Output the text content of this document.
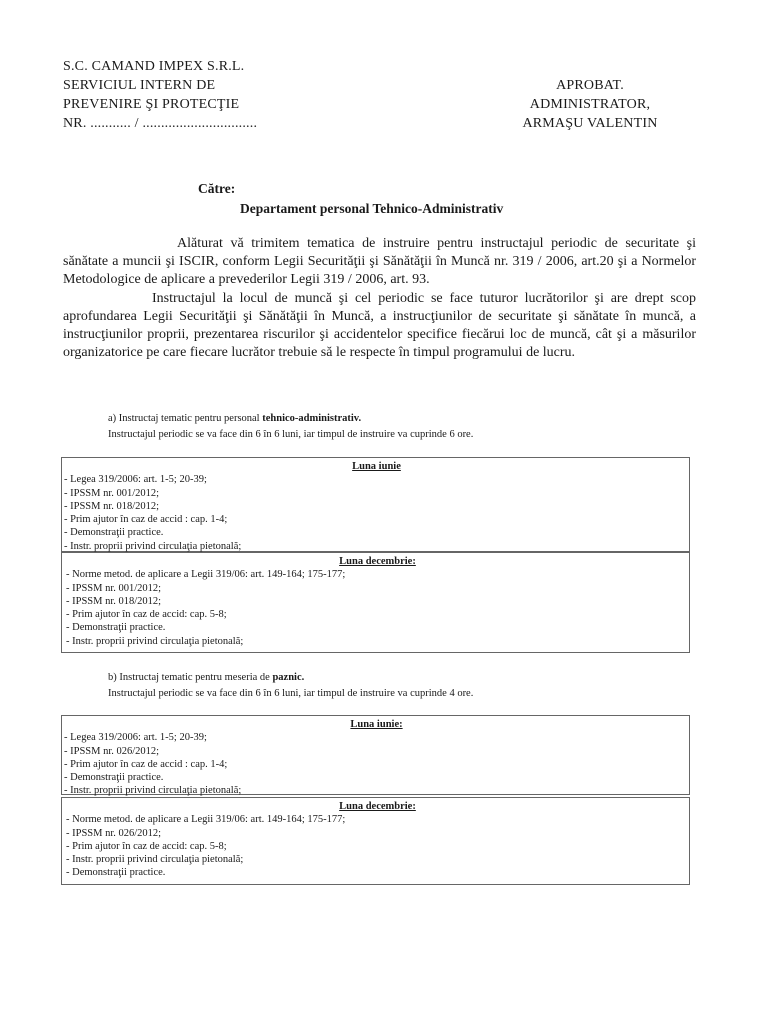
S.C. CAMAND IMPEX S.R.L.
SERVICIUL INTERN DE
PREVENIRE ŞI PROTECŢIE
NR. ........... / ...............................
APROBAT.
ADMINISTRATOR,
ARMAŞU VALENTIN
Către:
Departament personal Tehnico-Administrativ
Alăturat vă trimitem tematica de instruire pentru instructajul periodic de securitate şi sănătate a muncii şi ISCIR, conform Legii Securităţii şi Sănătăţii în Muncă nr. 319 / 2006, art.20 şi a Normelor Metodologice de aplicare a prevederilor Legii 319 / 2006, art. 93.
Instructajul la locul de muncă şi cel periodic se face tuturor lucrătorilor şi are drept scop aprofundarea Legii Securităţii şi Sănătăţii în Muncă, a instrucţiunilor de securitate şi sănătate în muncă, a instrucţiunilor proprii, prezentarea riscurilor şi accidentelor specifice fiecărui loc de muncă, cât şi a măsurilor organizatorice pe care fiecare lucrător trebuie să le respecte în timpul programului de lucru.
a) Instructaj tematic pentru personal tehnico-administrativ.
Instructajul periodic se va face din 6 în 6 luni, iar timpul de instruire va cuprinde 6 ore.
Luna iunie
- Legea 319/2006: art. 1-5; 20-39;
- IPSSM nr. 001/2012;
- IPSSM nr. 018/2012;
- Prim ajutor în caz de accid : cap. 1-4;
- Demonstraţii practice.
- Instr. proprii privind circulaţia pietonală;
Luna decembrie:
- Norme metod. de aplicare a Legii 319/06: art. 149-164; 175-177;
- IPSSM nr. 001/2012;
- IPSSM nr. 018/2012;
- Prim ajutor în caz de accid: cap. 5-8;
- Demonstraţii practice.
- Instr. proprii privind circulaţia pietonală;
b) Instructaj tematic pentru meseria de paznic.
Instructajul periodic se va face din 6 în 6 luni, iar timpul de instruire va cuprinde 4 ore.
Luna iunie:
- Legea 319/2006: art. 1-5; 20-39;
- IPSSM nr. 026/2012;
- Prim ajutor în caz de accid : cap. 1-4;
- Demonstraţii practice.
- Instr. proprii privind circulaţia pietonală;
Luna decembrie:
- Norme metod. de aplicare a Legii 319/06: art. 149-164; 175-177;
- IPSSM nr. 026/2012;
- Prim ajutor în caz de accid: cap. 5-8;
- Instr. proprii privind circulaţia pietonală;
- Demonstraţii practice.
